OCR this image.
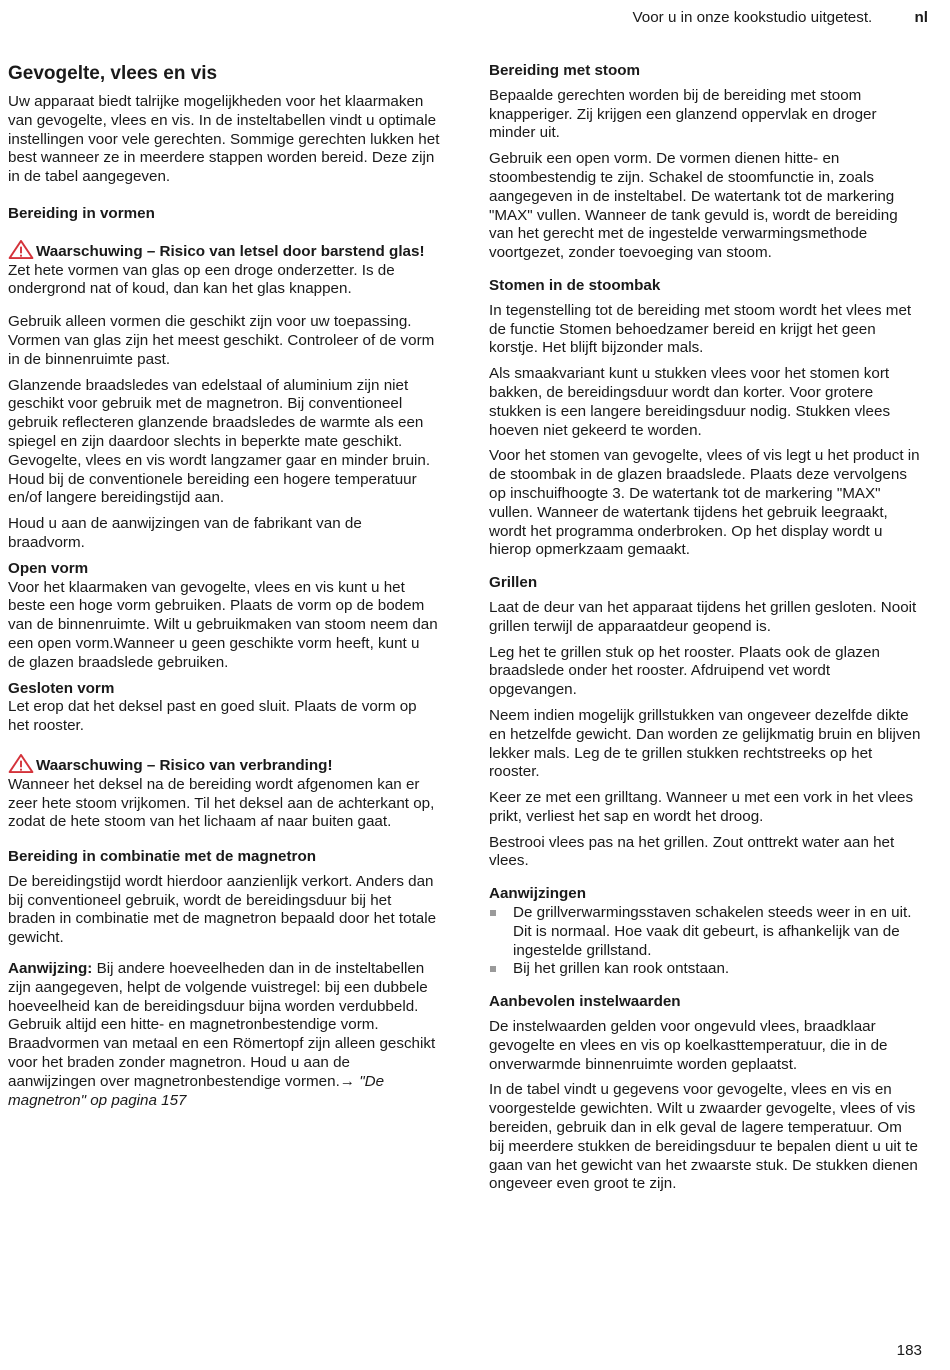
Voor u in onze kookstudio uitgetest.	nl
Gevogelte, vlees en vis

Uw apparaat biedt talrijke mogelijkheden voor het klaarmaken van gevogelte, vlees en vis. In de insteltabellen vindt u optimale instellingen voor vele gerechten. Sommige gerechten lukken het best wanneer ze in meerdere stappen worden bereid. Deze zijn in de tabel aangegeven.

Bereiding in vormen
Waarschuwing – Risico van letsel door barstend glas!

Zet hete vormen van glas op een droge onderzetter. Is de ondergrond nat of koud, dan kan het glas knappen.

Gebruik alleen vormen die geschikt zijn voor uw toepassing. Vormen van glas zijn het meest geschikt. Controleer of de vorm in de binnenruimte past.

Glanzende braadsledes van edelstaal of aluminium zijn niet geschikt voor gebruik met de magnetron. Bij conventioneel gebruik reflecteren glanzende braadsledes de warmte als een spiegel en zijn daardoor slechts in beperkte mate geschikt. Gevogelte, vlees en vis wordt langzamer gaar en minder bruin. Houd bij de conventionele bereiding een hogere temperatuur en/of langere bereidingstijd aan.

Houd u aan de aanwijzingen van de fabrikant van de braadvorm.

Open vorm

Voor het klaarmaken van gevogelte, vlees en vis kunt u het beste een hoge vorm gebruiken. Plaats de vorm op de bodem van de binnenruimte. Wilt u gebruikmaken van stoom neem dan een open vorm.Wanneer u geen geschikte vorm heeft, kunt u de glazen braadslede gebruiken.

Gesloten vorm

Let erop dat het deksel past en goed sluit. Plaats de vorm op het rooster.

Waarschuwing – Risico van verbranding!

Wanneer het deksel na de bereiding wordt afgenomen kan er zeer hete stoom vrijkomen. Til het deksel aan de achterkant op, zodat de hete stoom van het lichaam af naar buiten gaat.

Bereiding in combinatie met de magnetron

De bereidingstijd wordt hierdoor aanzienlijk verkort. Anders dan bij conventioneel gebruik, wordt de bereidingsduur bij het braden in combinatie met de magnetron bepaald door het totale gewicht.

Aanwijzing: Bij andere hoeveelheden dan in de insteltabellen zijn aangegeven, helpt de volgende vuistregel: bij een dubbele hoeveelheid kan de bereidingsduur bijna worden verdubbeld. Gebruik altijd een hitte- en magnetronbestendige vorm. Braadvormen van metaal en een Römertopf zijn alleen geschikt voor het braden zonder magnetron. Houd u aan de aanwijzingen over magnetronbestendige vormen.→ "De magnetron" op pagina 157

Bereiding met stoom

Bepaalde gerechten worden bij de bereiding met stoom knapperiger. Zij krijgen een glanzend oppervlak en droger minder uit.

Gebruik een open vorm. De vormen dienen hitte- en stoombestendig te zijn. Schakel de stoomfunctie in, zoals aangegeven in de insteltabel. De watertank tot de markering "MAX" vullen. Wanneer de tank gevuld is, wordt de bereiding van het gerecht met de ingestelde verwarmingsmethode voortgezet, zonder toevoeging van stoom.

Stomen in de stoombak

In tegenstelling tot de bereiding met stoom wordt het vlees met de functie Stomen behoedzamer bereid en krijgt het geen korstje. Het blijft bijzonder mals.

Als smaakvariant kunt u stukken vlees voor het stomen kort bakken, de bereidingsduur wordt dan korter. Voor grotere stukken is een langere bereidingsduur nodig. Stukken vlees hoeven niet gekeerd te worden.

Voor het stomen van gevogelte, vlees of vis legt u het product in de stoombak in de glazen braadslede. Plaats deze vervolgens op inschuifhoogte 3. De watertank tot de markering "MAX" vullen. Wanneer de watertank tijdens het gebruik leegraakt, wordt het programma onderbroken. Op het display wordt u hierop opmerkzaam gemaakt.

Grillen

Laat de deur van het apparaat tijdens het grillen gesloten. Nooit grillen terwijl de apparaatdeur geopend is.

Leg het te grillen stuk op het rooster. Plaats ook de glazen braadslede onder het rooster. Afdruipend vet wordt opgevangen.

Neem indien mogelijk grillstukken van ongeveer dezelfde dikte en hetzelfde gewicht. Dan worden ze gelijkmatig bruin en blijven lekker mals. Leg de te grillen stukken rechtstreeks op het rooster.

Keer ze met een grilltang. Wanneer u met een vork in het vlees prikt, verliest het sap en wordt het droog.

Bestrooi vlees pas na het grillen. Zout onttrekt water aan het vlees.

Aanwijzingen
De grillverwarmingsstaven schakelen steeds weer in en uit. Dit is normaal. Hoe vaak dit gebeurt, is afhankelijk van de ingestelde grillstand.
Bij het grillen kan rook ontstaan.
Aanbevolen instelwaarden

De instelwaarden gelden voor ongevuld vlees, braadklaar gevogelte en vlees en vis op koelkasttemperatuur, die in de onverwarmde binnenruimte worden geplaatst.

In de tabel vindt u gegevens voor gevogelte, vlees en vis en voorgestelde gewichten. Wilt u zwaarder gevogelte, vlees of vis bereiden, gebruik dan in elk geval de lagere temperatuur. Om bij meerdere stukken de bereidingsduur te bepalen dient u uit te gaan van het gewicht van het zwaarste stuk. De stukken dienen ongeveer even groot te zijn.

183
